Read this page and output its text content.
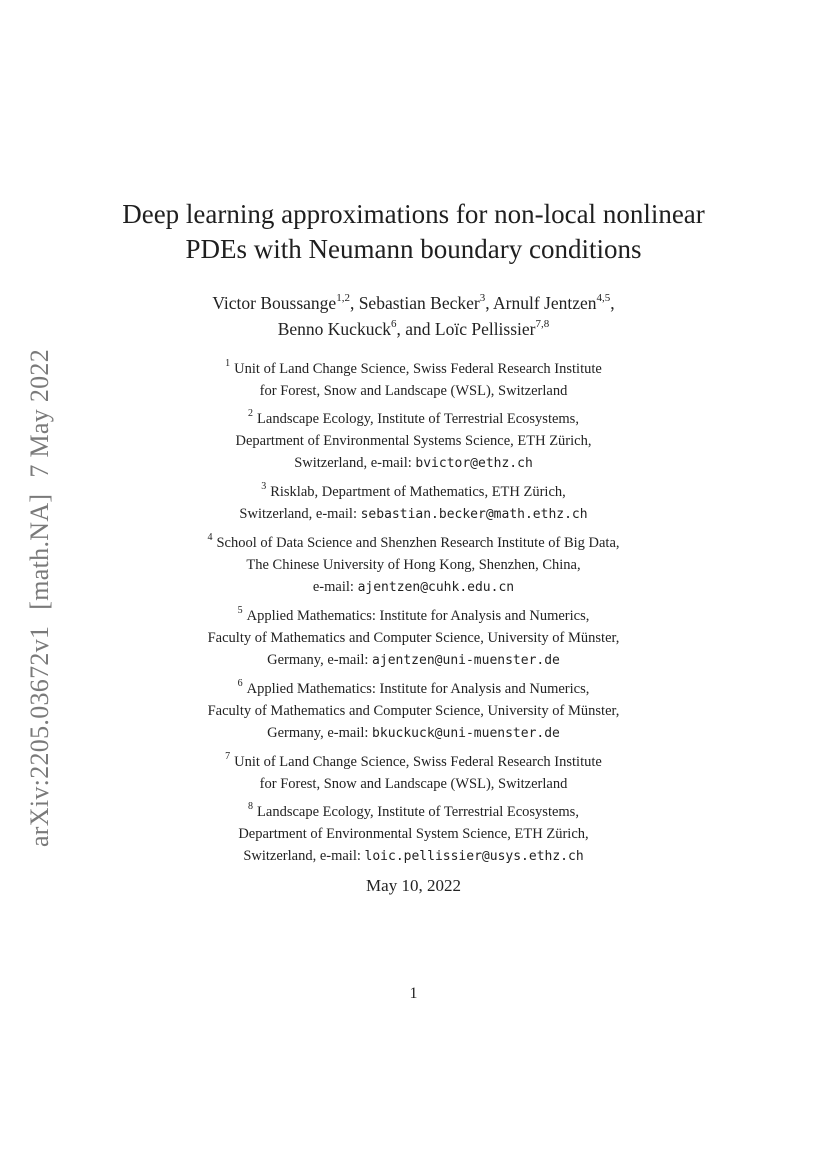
arXiv:2205.03672v1[math.NA]7 May 2022
Deep learning approximations for non-local nonlinear
PDEs with Neumann boundary conditions
Victor Boussange$^{1,2}$, Sebastian Becker$^3$, Arnulf Jentzen$^{4,5}$,
Benno Kuckuck$^6$, and Loïc Pellissier$^{7,8}$
$^1$ Unit of Land Change Science, Swiss Federal Research Institute
for Forest, Snow and Landscape (WSL), Switzerland
$^2$ Landscape Ecology, Institute of Terrestrial Ecosystems,
Department of Environmental Systems Science, ETH Zürich,
Switzerland, e-mail: bvictor@ethz.ch
$^3$ Risklab, Department of Mathematics, ETH Zürich,
Switzerland, e-mail: sebastian.becker@math.ethz.ch
$^4$ School of Data Science and Shenzhen Research Institute of Big Data,
The Chinese University of Hong Kong, Shenzhen, China,
e-mail: ajentzen@cuhk.edu.cn
$^5$ Applied Mathematics: Institute for Analysis and Numerics,
Faculty of Mathematics and Computer Science, University of Münster,
Germany, e-mail: ajentzen@uni-muenster.de
$^6$ Applied Mathematics: Institute for Analysis and Numerics,
Faculty of Mathematics and Computer Science, University of Münster,
Germany, e-mail: bkuckuck@uni-muenster.de
$^7$ Unit of Land Change Science, Swiss Federal Research Institute
for Forest, Snow and Landscape (WSL), Switzerland
$^8$ Landscape Ecology, Institute of Terrestrial Ecosystems,
Department of Environmental System Science, ETH Zürich,
Switzerland, e-mail: loic.pellissier@usys.ethz.ch
May 10, 2022
1
